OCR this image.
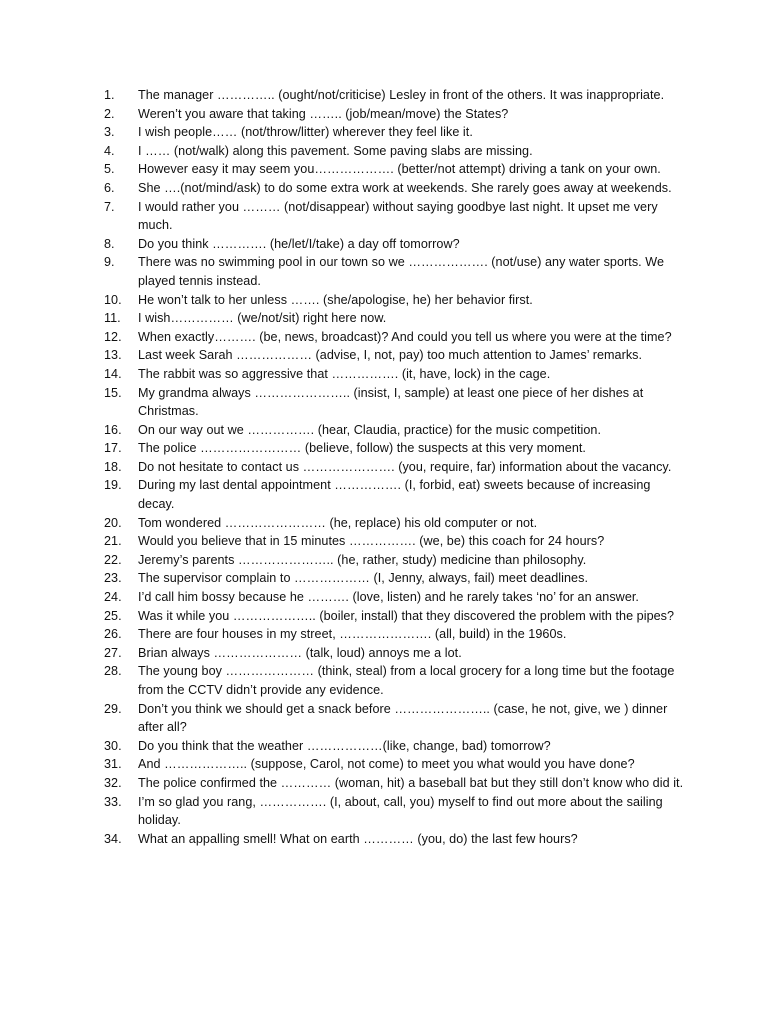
1.	The manager ………….. (ought/not/criticise) Lesley in front of the others. It was inappropriate.
2.	Weren’t you aware that taking …….. (job/mean/move) the States?
3.	I wish people…… (not/throw/litter) wherever they feel like it.
4.	I …… (not/walk) along this pavement. Some paving slabs are missing.
5.	However easy it may seem you………………. (better/not attempt) driving a tank on your own.
6.	She ….(not/mind/ask) to do some extra work at weekends. She rarely goes away at weekends.
7.	I would rather you ……… (not/disappear) without saying goodbye last night. It upset me very much.
8.	Do you think …………. (he/let/I/take) a day off tomorrow?
9.	There was no swimming pool in our town so we ………………. (not/use) any water sports. We played tennis instead.
10.	He won’t talk to her unless ……. (she/apologise, he) her behavior first.
11.	I wish…………… (we/not/sit) right here now.
12.	When exactly………. (be, news, broadcast)? And could you tell us where you were at the time?
13.	Last week Sarah ……………… (advise, I, not, pay) too much attention to James’ remarks.
14.	The rabbit was so aggressive that ……………. (it, have, lock) in the cage.
15.	My grandma always ………………….. (insist, I, sample) at least one piece of her dishes at Christmas.
16.	On our way out we ……………. (hear, Claudia, practice) for the music competition.
17.	The police …………………… (believe, follow) the suspects at this very moment.
18.	Do not hesitate to contact us …………………. (you, require, far) information about the vacancy.
19.	During my last dental appointment ……………. (I, forbid, eat) sweets because of increasing decay.
20.	Tom wondered …………………… (he, replace) his old computer or not.
21.	Would you believe that in 15 minutes ……………. (we, be) this coach for 24 hours?
22.	Jeremy’s parents ………………….. (he, rather, study) medicine than philosophy.
23.	The supervisor complain to ……………… (I, Jenny, always, fail) meet deadlines.
24.	I’d call him bossy because he ………. (love, listen) and he rarely takes ‘no’ for an answer.
25.	Was it while you ……………….. (boiler, install) that they discovered the problem with the pipes?
26.	There are four houses in my street, …………………. (all, build) in the 1960s.
27.	Brian always ………………… (talk, loud) annoys me a lot.
28.	The young boy ………………… (think, steal) from a local grocery for a long time but the footage from the CCTV didn’t provide any evidence.
29.	Don’t you think we should get a snack before ………………….. (case, he not, give, we ) dinner after all?
30.	Do you think that the weather ………………(like, change, bad) tomorrow?
31.	And ……………….. (suppose, Carol, not come) to meet you what would you have done?
32.	The police confirmed the ………… (woman, hit) a baseball bat but they still don’t know who did it.
33.	I’m so glad you rang, ……………. (I, about, call, you) myself to find out more about the sailing holiday.
34.	What an appalling smell! What on earth ………… (you, do) the last few hours?
